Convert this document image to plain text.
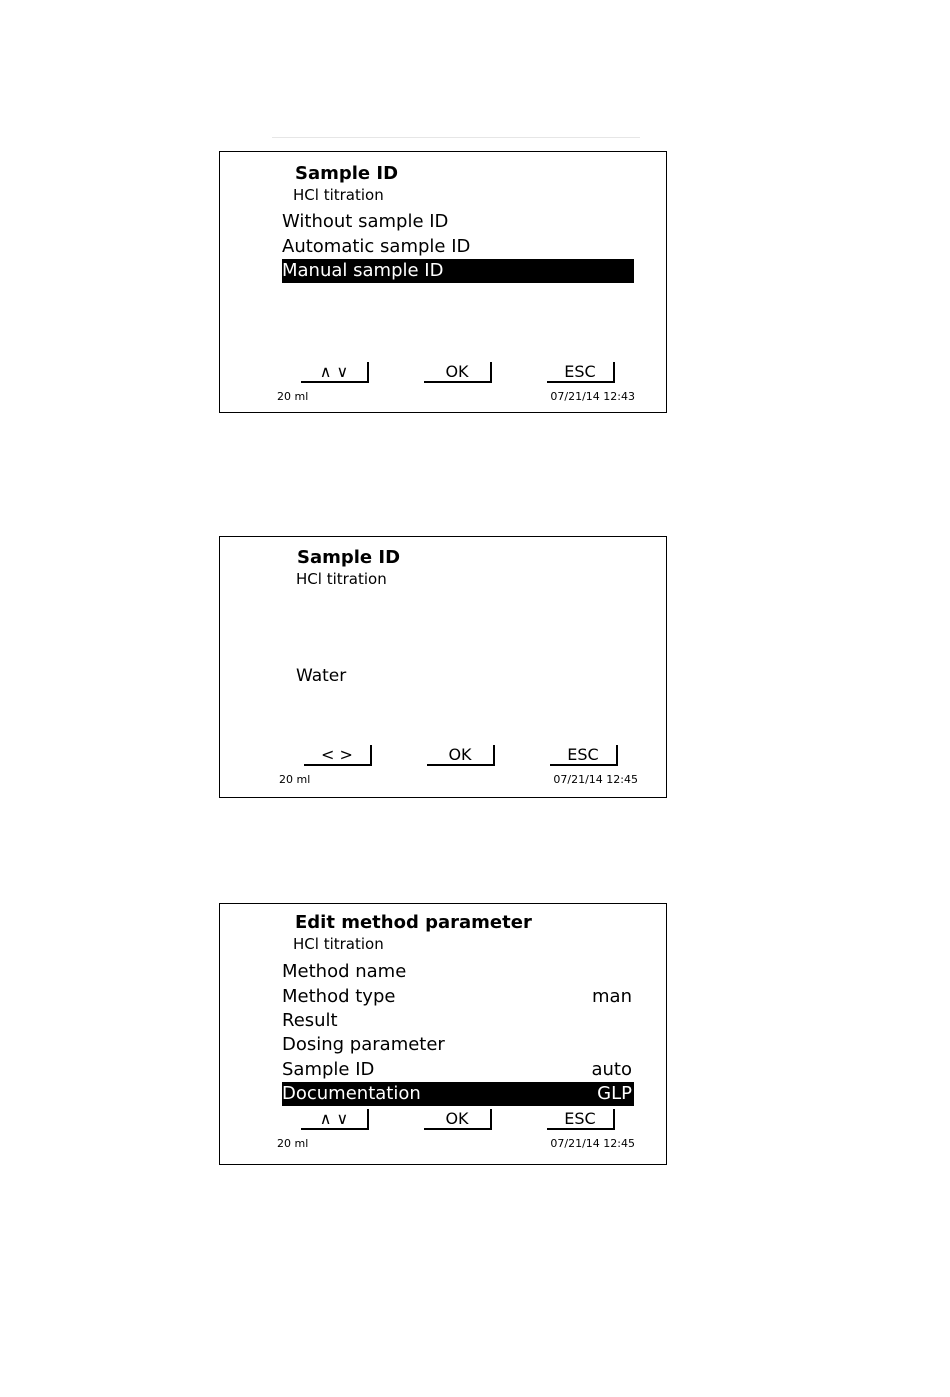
Sample ID
HCl titration
Without sample ID
Automatic sample ID
Manual sample ID
∧ ∨	OK	ESC
20 ml	07/21/14 12:43
Sample ID
HCl titration
Water
< >	OK	ESC
20 ml	07/21/14 12:45
Edit method parameter
HCl titration
Method name
Method type	man
Result
Dosing parameter
Sample ID	auto
Documentation	GLP
∧ ∨	OK	ESC
20 ml	07/21/14 12:45
